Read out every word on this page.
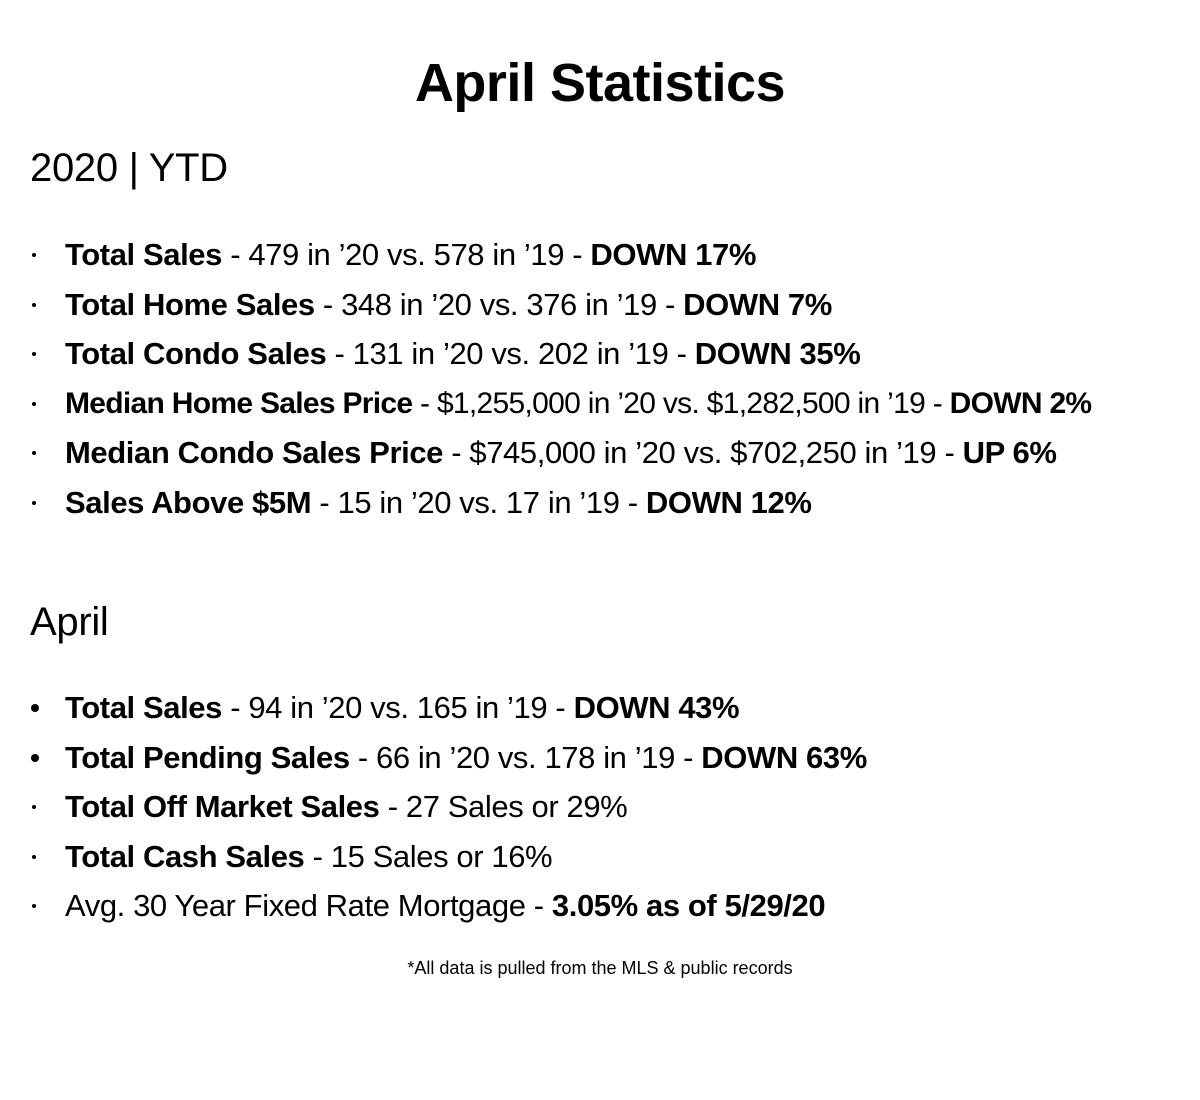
April Statistics
2020 | YTD
Total Sales - 479 in ’20 vs. 578 in ’19 - DOWN 17%
Total Home Sales - 348 in ’20 vs. 376 in ’19 - DOWN 7%
Total Condo Sales - 131 in ’20 vs. 202 in ’19 - DOWN 35%
Median Home Sales Price - $1,255,000 in ’20 vs. $1,282,500 in ’19 - DOWN 2%
Median Condo Sales Price - $745,000 in ’20 vs. $702,250 in ’19 - UP 6%
Sales Above $5M - 15 in ’20 vs. 17 in ’19 - DOWN 12%
April
Total Sales - 94 in ’20 vs. 165 in ’19 - DOWN 43%
Total Pending Sales - 66 in ’20 vs. 178 in ’19 - DOWN 63%
Total Off Market Sales - 27 Sales or 29%
Total Cash Sales - 15 Sales or 16%
Avg. 30 Year Fixed Rate Mortgage - 3.05% as of 5/29/20

*All data is pulled from the MLS & public records
